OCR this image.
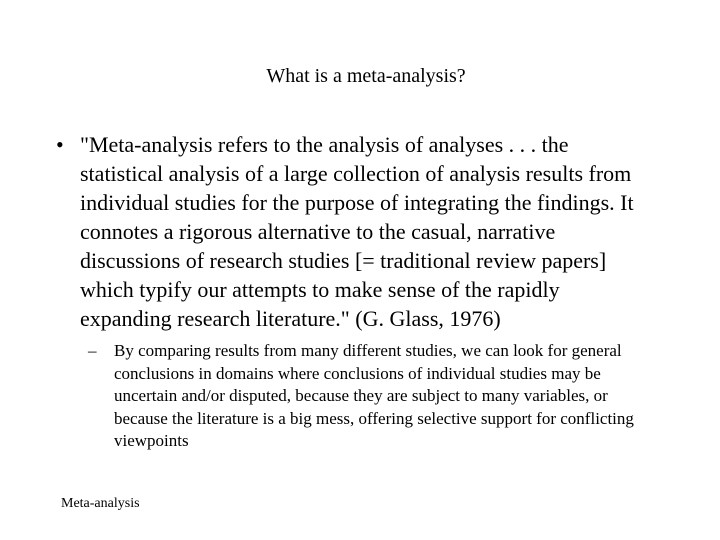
What is a meta-analysis?
• "Meta-analysis refers to the analysis of analyses . . . the statistical analysis of a large collection of analysis results from individual studies for the purpose of integrating the findings. It connotes a rigorous alternative to the casual, narrative discussions of research studies [= traditional review papers] which typify our attempts to make sense of the rapidly expanding research literature." (G. Glass, 1976)
– By comparing results from many different studies, we can look for general conclusions in domains where conclusions of individual studies may be uncertain and/or disputed, because they are subject to many variables, or because the literature is a big mess, offering selective support for conflicting viewpoints
Meta-analysis
